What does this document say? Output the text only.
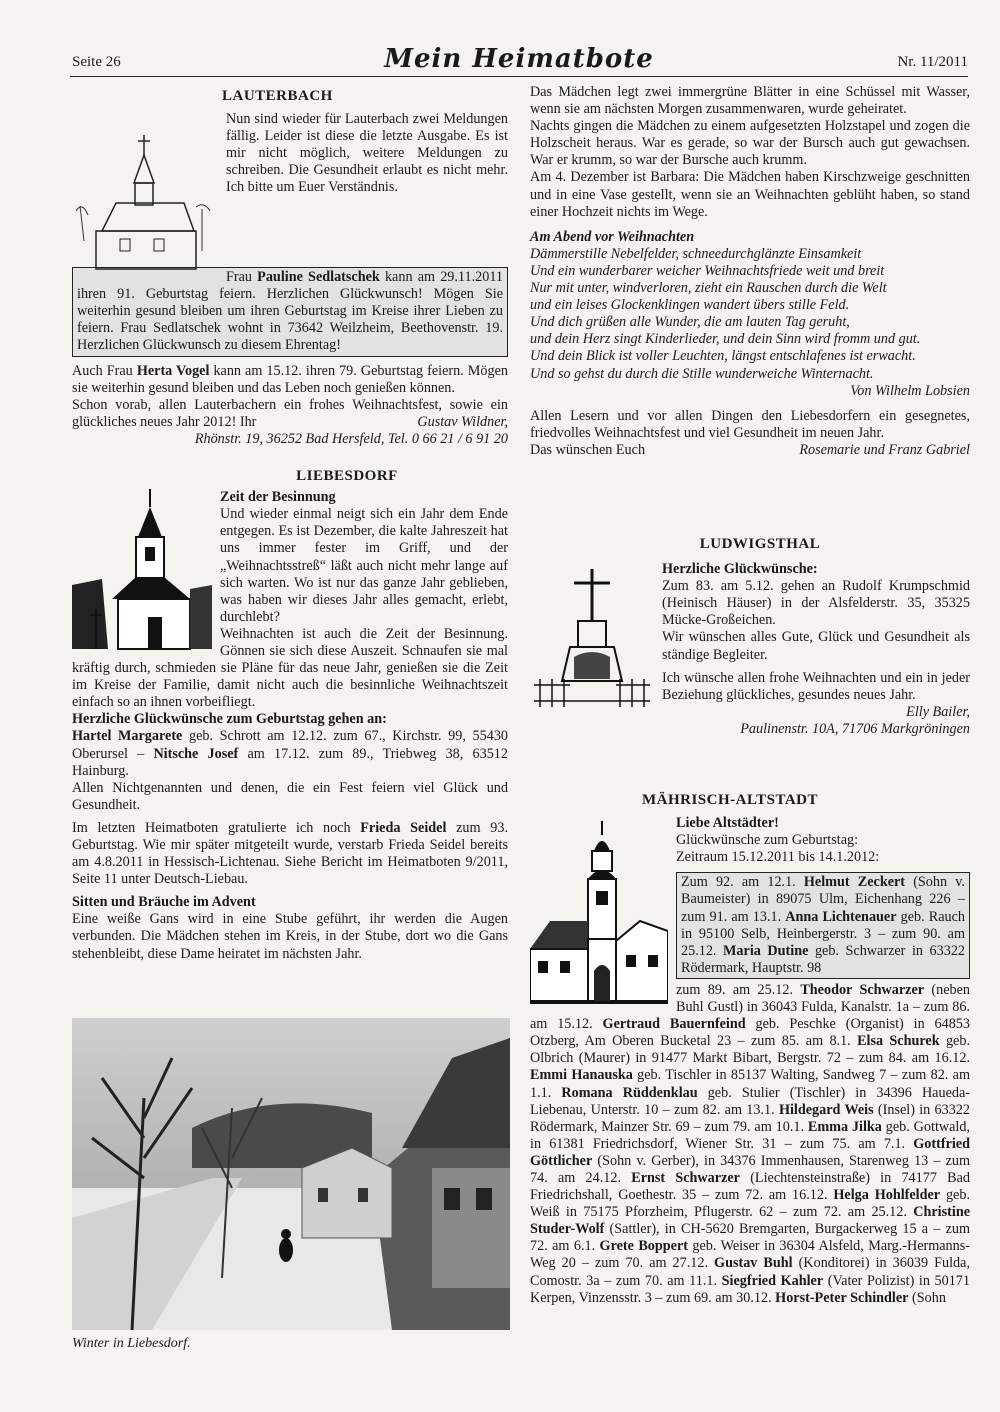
Seite 26	Mein Heimatbote	Nr. 11/2011
LAUTERBACH

Nun sind wieder für Lauterbach zwei Meldungen fällig. Leider ist diese die letzte Ausgabe. Es ist mir nicht möglich, weitere Meldungen zu schreiben. Die Gesundheit erlaubt es nicht mehr. Ich bitte um Euer Verständnis.

Frau Pauline Sedlatschek kann am 29.11.2011 ihren 91. Geburtstag feiern. Herzlichen Glückwunsch! Mögen Sie weiterhin gesund bleiben um ihren Geburtstag im Kreise ihrer Lieben zu feiern. Frau Sedlatschek wohnt in 73642 Weilzheim, Beethovenstr. 19. Herzlichen Glückwunsch zu diesem Ehrentag!

Auch Frau Herta Vogel kann am 15.12. ihren 79. Geburtstag feiern. Mögen sie weiterhin gesund bleiben und das Leben noch genießen können.

Schon vorab, allen Lauterbachern ein frohes Weihnachtsfest, sowie ein glückliches neues Jahr 2012! Ihr	Gustav Wildner,

Rhönstr. 19, 36252 Bad Hersfeld, Tel. 0 66 21 / 6 91 20

LIEBESDORF

Zeit der Besinnung

Und wieder einmal neigt sich ein Jahr dem Ende entgegen. Es ist Dezember, die kalte Jahreszeit hat uns immer fester im Griff, und der „Weihnachtsstreß“ läßt auch nicht mehr lange auf sich warten. Wo ist nur das ganze Jahr geblieben, was haben wir dieses Jahr alles gemacht, erlebt, durchlebt?

Weihnachten ist auch die Zeit der Besinnung. Gönnen sie sich diese Auszeit. Schnaufen sie mal kräftig durch, schmieden sie Pläne für das neue Jahr, genießen sie die Zeit im Kreise der Familie, damit nicht auch die besinnliche Weihnachtszeit einfach so an ihnen vorbeifliegt.

Herzliche Glückwünsche zum Geburtstag gehen an:

Hartel Margarete geb. Schrott am 12.12. zum 67., Kirchstr. 99, 55430 Oberursel – Nitsche Josef am 17.12. zum 89., Triebweg 38, 63512 Hainburg.

Allen Nichtgenannten und denen, die ein Fest feiern viel Glück und Gesundheit.

Im letzten Heimatboten gratulierte ich noch Frieda Seidel zum 93. Geburtstag. Wie mir später mitgeteilt wurde, verstarb Frieda Seidel bereits am 4.8.2011 in Hessisch-Lichtenau. Siehe Bericht im Heimatboten 9/2011, Seite 11 unter Deutsch-Liebau.

Sitten und Bräuche im Advent

Eine weiße Gans wird in eine Stube geführt, ihr werden die Augen verbunden. Die Mädchen stehen im Kreis, in der Stube, dort wo die Gans stehenbleibt, diese Dame heiratet im nächsten Jahr.

Winter in Liebesdorf.

Das Mädchen legt zwei immergrüne Blätter in eine Schüssel mit Wasser, wenn sie am nächsten Morgen zusammenwaren, wurde geheiratet.

Nachts gingen die Mädchen zu einem aufgesetzten Holzstapel und zogen die Holzscheit heraus. War es gerade, so war der Bursch auch gut gewachsen. War er krumm, so war der Bursche auch krumm.

Am 4. Dezember ist Barbara: Die Mädchen haben Kirschzweige geschnitten und in eine Vase gestellt, wenn sie an Weihnachten geblüht haben, so stand einer Hochzeit nichts im Wege.

Am Abend vor Weihnachten

Dämmerstille Nebelfelder, schneedurchglänzte Einsamkeit

Und ein wunderbarer weicher Weihnachtsfriede weit und breit

Nur mit unter, windverloren, zieht ein Rauschen durch die Welt

und ein leises Glockenklingen wandert übers stille Feld.

Und dich grüßen alle Wunder, die am lauten Tag geruht,

und dein Herz singt Kinderlieder, und dein Sinn wird fromm und gut.

Und dein Blick ist voller Leuchten, längst entschlafenes ist erwacht.

Und so gehst du durch die Stille wunderweiche Winternacht.

Von Wilhelm Lobsien

Allen Lesern und vor allen Dingen den Liebesdorfern ein gesegnetes, friedvolles Weihnachtsfest und viel Gesundheit im neuen Jahr.

Das wünschen Euch	Rosemarie und Franz Gabriel

LUDWIGSTHAL

Herzliche Glückwünsche:

Zum 83. am 5.12. gehen an Rudolf Krumpschmid (Heinisch Häuser) in der Alsfelderstr. 35, 35325 Mücke-Großeichen.

Wir wünschen alles Gute, Glück und Gesundheit als ständige Begleiter.

Ich wünsche allen frohe Weihnachten und ein in jeder Beziehung glückliches, gesundes neues Jahr.

Elly Bailer,

Paulinenstr. 10A, 71706 Markgröningen

MÄHRISCH-ALTSTADT

Liebe Altstädter!

Glückwünsche zum Geburtstag:

Zeitraum 15.12.2011 bis 14.1.2012:

Zum 92. am 12.1. Helmut Zeckert (Sohn v. Baumeister) in 89075 Ulm, Eichenhang 226 – zum 91. am 13.1. Anna Lichtenauer geb. Rauch in 95100 Selb, Heinbergerstr. 3 – zum 90. am 25.12. Maria Dutine geb. Schwarzer in 63322 Rödermark, Hauptstr. 98

zum 89. am 25.12. Theodor Schwarzer (neben Buhl Gustl) in 36043 Fulda, Kanalstr. 1a – zum 86. am 15.12. Gertraud Bauernfeind geb. Peschke (Organist) in 64853 Otzberg, Am Oberen Bucketal 23 – zum 85. am 8.1. Elsa Schurek geb. Olbrich (Maurer) in 91477 Markt Bibart, Bergstr. 72 – zum 84. am 16.12. Emmi Hanauska geb. Tischler in 85137 Walting, Sandweg 7 – zum 82. am 1.1. Romana Rüddenklau geb. Stulier (Tischler) in 34396 Haueda-Liebenau, Unterstr. 10 – zum 82. am 13.1. Hildegard Weis (Insel) in 63322 Rödermark, Mainzer Str. 69 – zum 79. am 10.1. Emma Jilka geb. Gottwald, in 61381 Friedrichsdorf, Wiener Str. 31 – zum 75. am 7.1. Gottfried Göttlicher (Sohn v. Gerber), in 34376 Immenhausen, Starenweg 13 – zum 74. am 24.12. Ernst Schwarzer (Liechtensteinstraße) in 74177 Bad Friedrichshall, Goethestr. 35 – zum 72. am 16.12. Helga Hohlfelder geb. Weiß in 75175 Pforzheim, Pflugerstr. 62 – zum 72. am 25.12. Christine Studer-Wolf (Sattler), in CH-5620 Bremgarten, Burgackerweg 15 a – zum 72. am 6.1. Grete Boppert geb. Weiser in 36304 Alsfeld, Marg.-Hermanns-Weg 20 – zum 70. am 27.12. Gustav Buhl (Konditorei) in 36039 Fulda, Comostr. 3a – zum 70. am 11.1. Siegfried Kahler (Vater Polizist) in 50171 Kerpen, Vinzensstr. 3 – zum 69. am 30.12. Horst-Peter Schindler (Sohn
